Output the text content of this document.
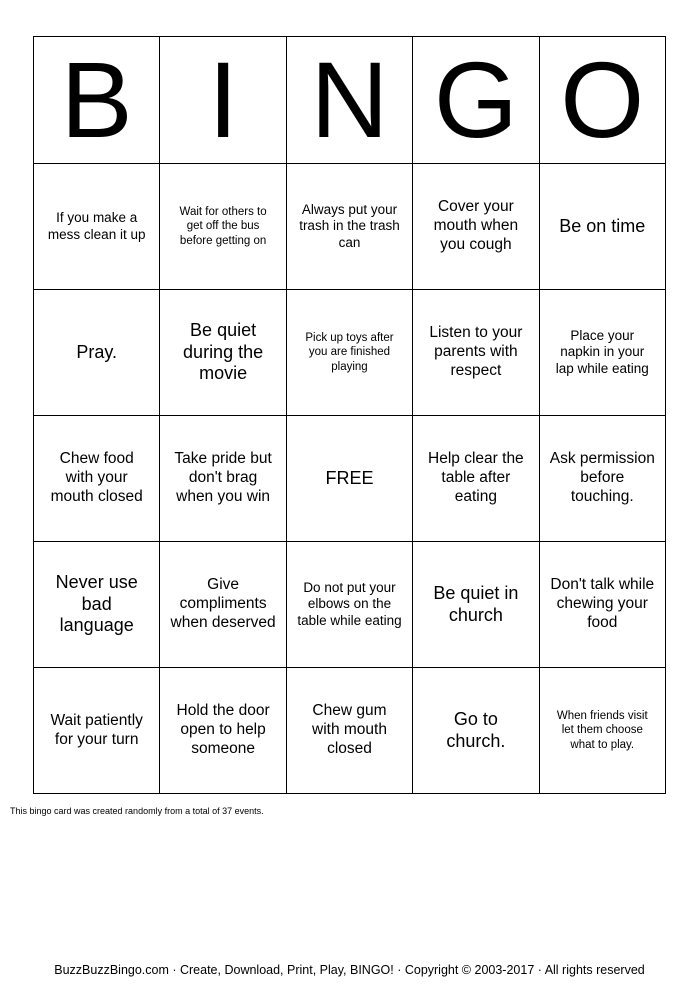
B	I	N	G	O
If you make a mess clean it up	Wait for others to get off the bus before getting on	Always put your trash in the trash can	Cover your mouth when you cough	Be on time
Pray.	Be quiet during the movie	Pick up toys after you are finished playing	Listen to your parents with respect	Place your napkin in your lap while eating
Chew food with your mouth closed	Take pride but don't brag when you win	FREE	Help clear the table after eating	Ask permission before touching.
Never use bad language	Give compliments when deserved	Do not put your elbows on the table while eating	Be quiet in church	Don't talk while chewing your food
Wait patiently for your turn	Hold the door open to help someone	Chew gum with mouth closed	Go to church.	When friends visit let them choose what to play.

This bingo card was created randomly from a total of 37 events.

BuzzBuzzBingo.com · Create, Download, Print, Play, BINGO! · Copyright © 2003-2017 · All rights reserved
